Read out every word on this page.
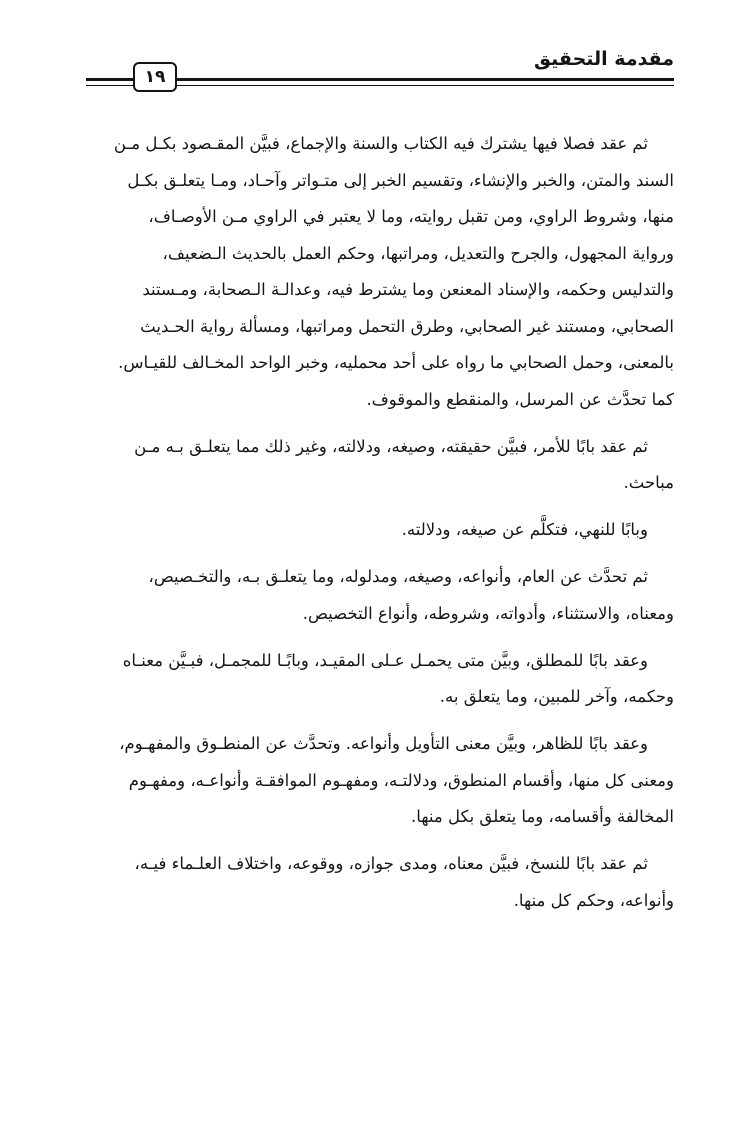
مقدمة التحقيق
١٩

ثم عقد فصلا فيها يشترك فيه الكتاب والسنة والإجماع، فبيَّن المقـصود بكـل مـن
السند والمتن، والخبر والإنشاء، وتقسيم الخبر إلى متـواتر وآحـاد، ومـا يتعلـق بكـل
منها، وشروط الراوي، ومن تقبل روايته، وما لا يعتبر في الراوي مـن الأوصـاف،
ورواية المجهول، والجرح والتعديل، ومراتبها، وحكم العمل بالحديث الـضعيف،
والتدليس وحكمه، والإسناد المعنعن وما يشترط فيه، وعدالـة الـصحابة، ومـستند
الصحابي، ومستند غير الصحابي، وطرق التحمل ومراتبها، ومسألة رواية الحـديث
بالمعنى، وحمل الصحابي ما رواه على أحد محمليه، وخبر الواحد المخـالف للقيـاس.
كما تحدَّث عن المرسل، والمنقطع والموقوف.

ثم عقد بابًا للأمر، فبيَّن حقيقته، وصيغه، ودلالته، وغير ذلك مما يتعلـق بـه مـن
مباحث.

وبابًا للنهي، فتكلَّم عن صيغه، ودلالته.

ثم تحدَّث عن العام، وأنواعه، وصيغه، ومدلوله، وما يتعلـق بـه، والتخـصيص،
ومعناه، والاستثناء، وأدواته، وشروطه، وأنواع التخصيص.

وعقد بابًا للمطلق، وبيَّن متى يحمـل عـلى المقيـد، وبابًـا للمجمـل، فبـيَّن معنـاه
وحكمه، وآخر للمبين، وما يتعلق به.

وعقد بابًا للظاهر، وبيَّن معنى التأويل وأنواعه. وتحدَّث عن المنطـوق والمفهـوم،
ومعنى كل منها، وأقسام المنطوق، ودلالتـه، ومفهـوم الموافقـة وأنواعـه، ومفهـوم
المخالفة وأقسامه، وما يتعلق بكل منها.

ثم عقد بابًا للنسخ، فبيَّن معناه، ومدى جوازه، ووقوعه، واختلاف العلـماء فيـه،
وأنواعه، وحكم كل منها.
